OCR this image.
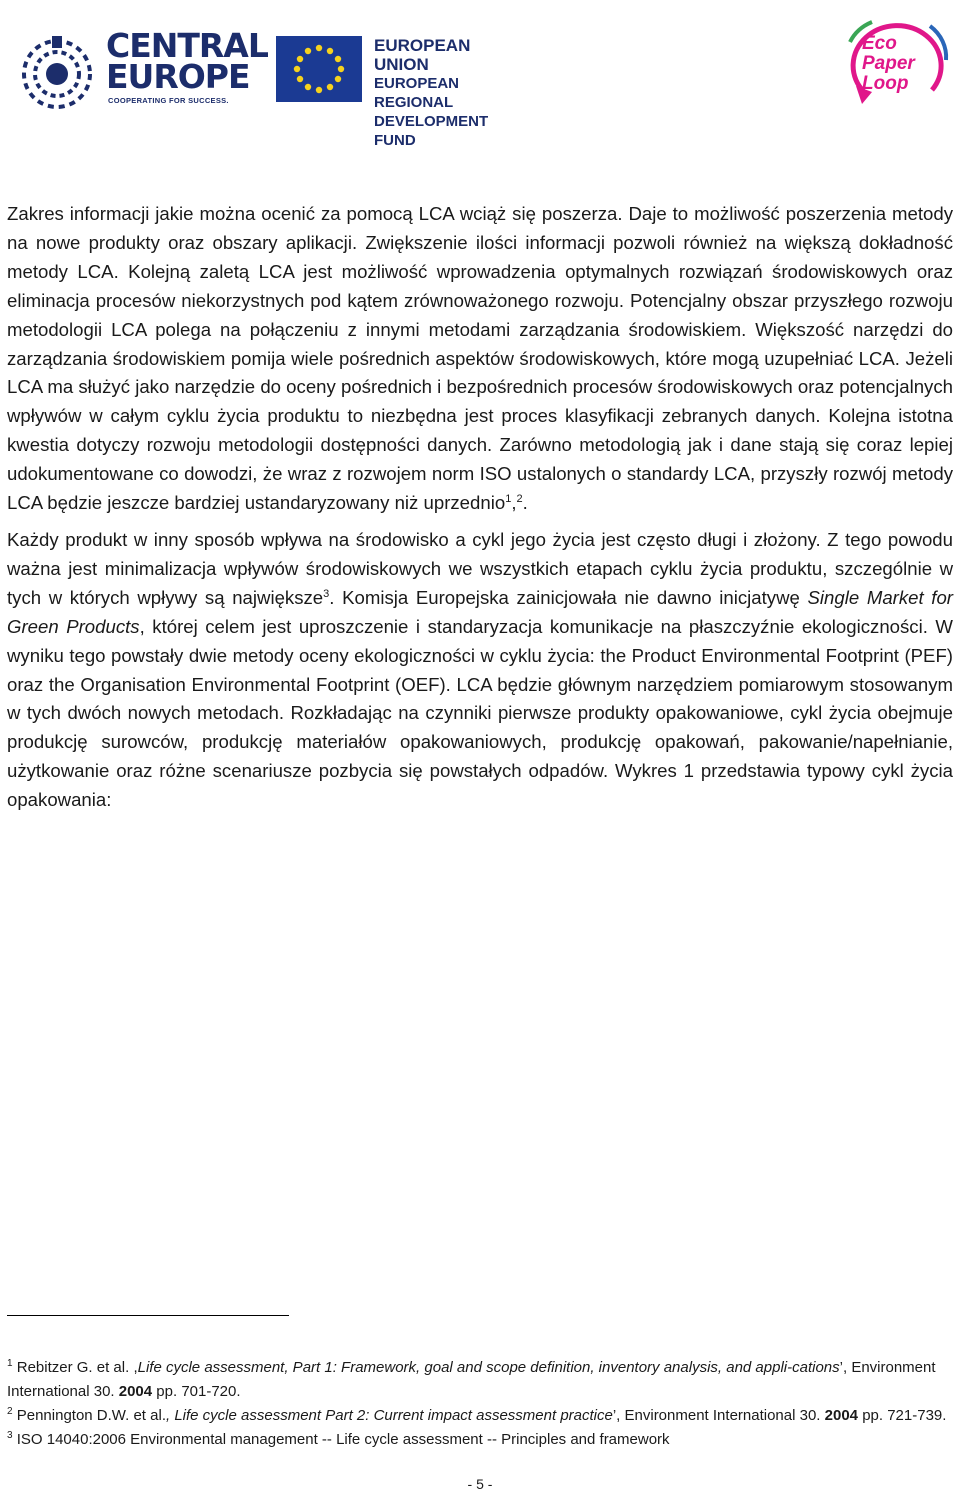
CENTRAL
EUROPE
COOPERATING FOR SUCCESS.
EUROPEAN UNION
EUROPEAN REGIONAL
DEVELOPMENT FUND
Eco
Paper
Loop

Zakres informacji jakie można ocenić za pomocą LCA wciąż się poszerza. Daje to możliwość poszerzenia metody na nowe produkty oraz obszary aplikacji. Zwiększenie ilości informacji pozwoli również na większą dokładność metody LCA. Kolejną zaletą LCA jest możliwość wprowadzenia optymalnych rozwiązań środowiskowych oraz eliminacja procesów niekorzystnych pod kątem zrównoważonego rozwoju. Potencjalny obszar przyszłego rozwoju metodologii LCA polega na połączeniu z innymi metodami zarządzania środowiskiem. Większość narzędzi do zarządzania środowiskiem pomija wiele pośrednich aspektów środowiskowych, które mogą uzupełniać LCA. Jeżeli LCA ma służyć jako narzędzie do oceny pośrednich i bezpośrednich procesów środowiskowych oraz potencjalnych wpływów w całym cyklu życia produktu to niezbędna jest proces klasyfikacji zebranych danych. Kolejna istotna kwestia dotyczy rozwoju metodologii dostępności danych. Zarówno metodologią jak i dane stają się coraz lepiej udokumentowane co dowodzi, że wraz z rozwojem norm ISO ustalonych o standardy LCA, przyszły rozwój metody LCA będzie jeszcze bardziej ustandaryzowany niż uprzednio$^1$,$^2$.

Każdy produkt w inny sposób wpływa na środowisko a cykl jego życia jest często długi i złożony. Z tego powodu ważna jest minimalizacja wpływów środowiskowych we wszystkich etapach cyklu życia produktu, szczególnie w tych w których wpływy są największe$^3$. Komisja Europejska zainicjowała nie dawno inicjatywę Single Market for Green Products, której celem jest uproszczenie i standaryzacja komunikacje na płaszczyźnie ekologiczności. W wyniku tego powstały dwie metody oceny ekologiczności w cyklu życia: the Product Environmental Footprint (PEF) oraz the Organisation Environmental Footprint (OEF). LCA będzie głównym narzędziem pomiarowym stosowanym w tych dwóch nowych metodach. Rozkładając na czynniki pierwsze produkty opakowaniowe, cykl życia obejmuje produkcję surowców, produkcję materiałów opakowaniowych, produkcję opakowań, pakowanie/napełnianie, użytkowanie oraz różne scenariusze pozbycia się powstałych odpadów. Wykres 1 przedstawia typowy cykl życia opakowania:

$^1$ Rebitzer G. et al. ,Life cycle assessment, Part 1: Framework, goal and scope definition, inventory analysis, and appli-cations’, Environment International 30. 2004 pp. 701-720.

$^2$ Pennington D.W. et al., Life cycle assessment Part 2: Current impact assessment practice’, Environment International 30. 2004 pp. 721-739.

$^3$ ISO 14040:2006 Environmental management -- Life cycle assessment -- Principles and framework

- 5 -
